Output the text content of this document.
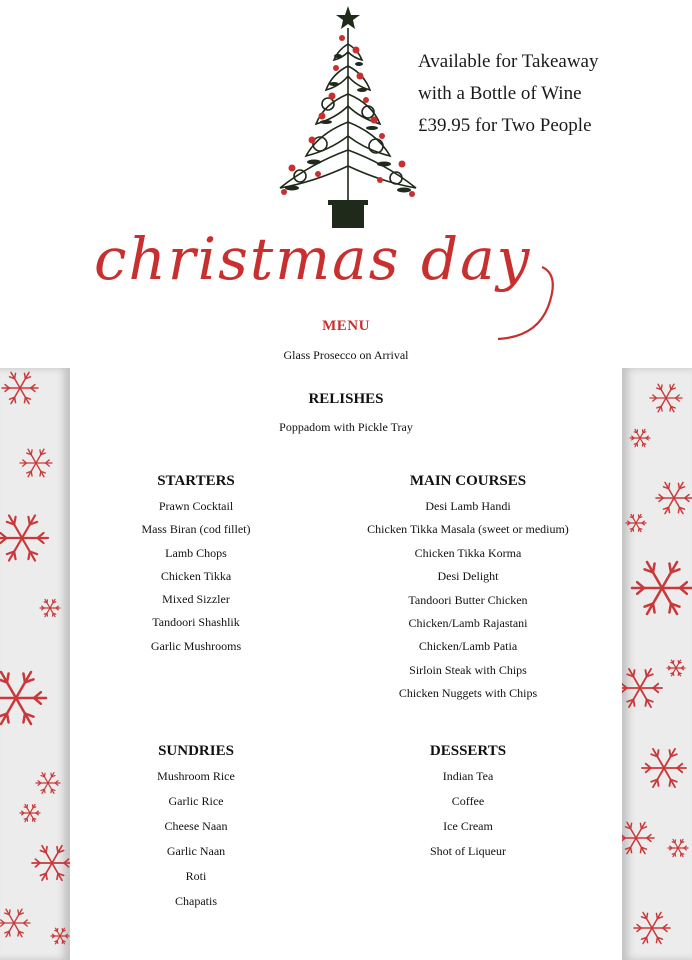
Available for Takeaway
with a Bottle of Wine
£39.95 for Two People
christmas day
MENU
Glass Prosecco on Arrival
RELISHES
Poppadom with Pickle Tray
STARTERS
Prawn Cocktail
Mass Biran (cod fillet)
Lamb Chops
Chicken Tikka
Mixed Sizzler
Tandoori Shashlik
Garlic Mushrooms
MAIN COURSES
Desi Lamb Handi
Chicken Tikka Masala (sweet or medium)
Chicken Tikka Korma
Desi Delight
Tandoori Butter Chicken
Chicken/Lamb Rajastani
Chicken/Lamb Patia
Sirloin Steak with Chips
Chicken Nuggets with Chips
SUNDRIES
Mushroom Rice
Garlic Rice
Cheese Naan
Garlic Naan
Roti
Chapatis
DESSERTS
Indian Tea
Coffee
Ice Cream
Shot of Liqueur
